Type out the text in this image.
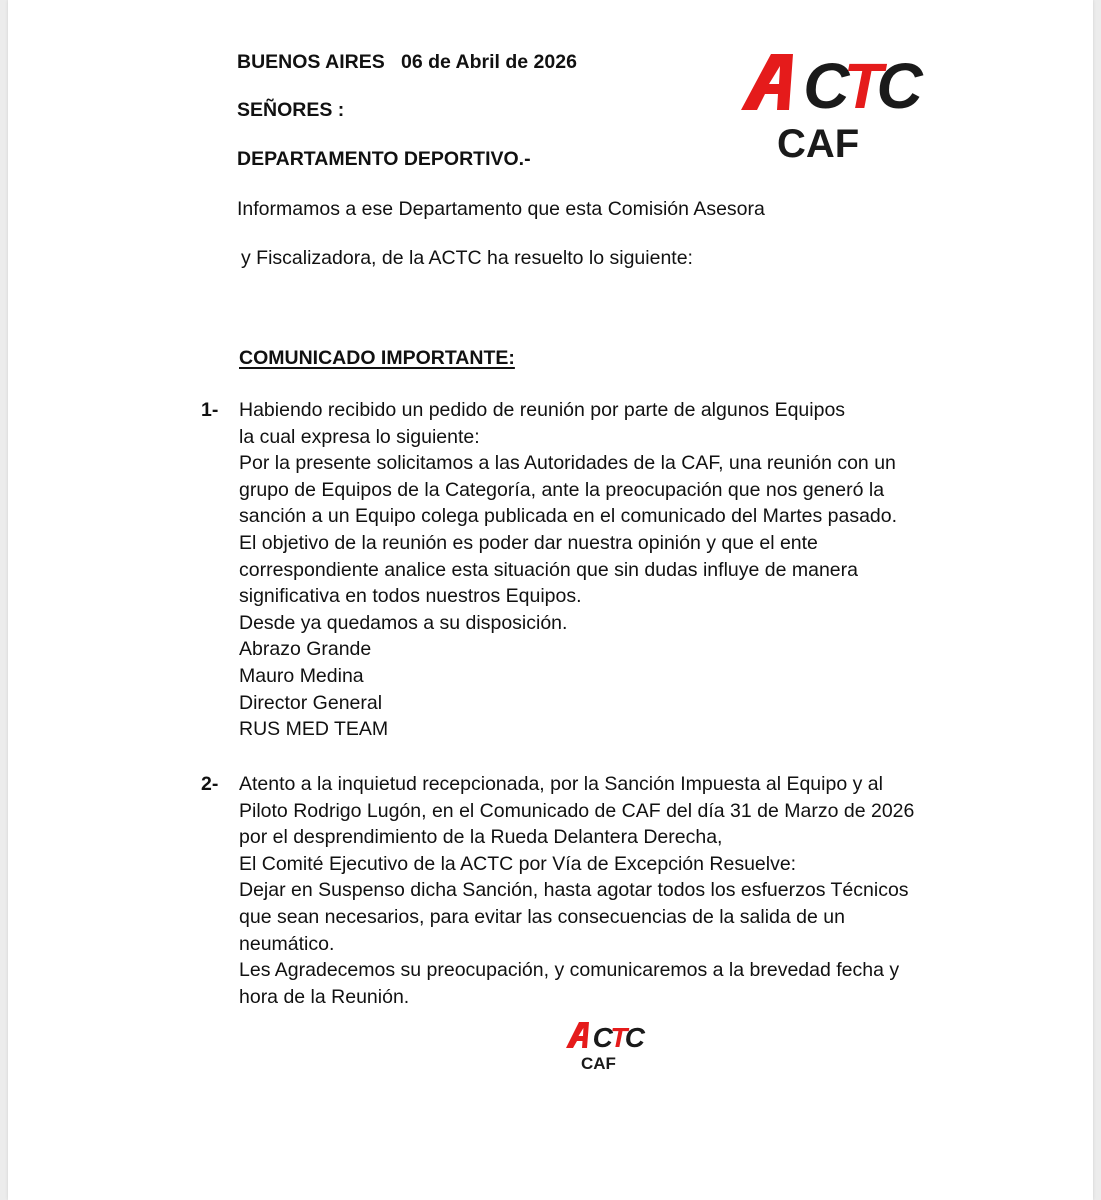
BUENOS AIRES   06 de Abril de 2026
SEÑORES :
DEPARTAMENTO DEPORTIVO.-
Informamos a ese Departamento que esta Comisión Asesora
y Fiscalizadora, de la ACTC ha resuelto lo siguiente:
COMUNICADO IMPORTANTE:
1- Habiendo recibido un pedido de reunión por parte de algunos Equipos
la cual expresa lo siguiente:
Por la presente solicitamos a las Autoridades de la CAF, una reunión con un
grupo de Equipos de la Categoría, ante la preocupación que nos generó la
sanción a un Equipo colega publicada en el comunicado del Martes pasado.
El objetivo de la reunión es poder dar nuestra opinión y que el ente
correspondiente analice esta situación que sin dudas influye de manera
significativa en todos nuestros Equipos.
Desde ya quedamos a su disposición.
Abrazo Grande
Mauro Medina
Director General
RUS MED TEAM
2- Atento a la inquietud recepcionada, por la Sanción Impuesta al Equipo y al
Piloto Rodrigo Lugón, en el Comunicado de CAF del día 31 de Marzo de 2026
por el desprendimiento de la Rueda Delantera Derecha,
El Comité Ejecutivo de la ACTC por Vía de Excepción Resuelve:
Dejar en Suspenso dicha Sanción, hasta agotar todos los esfuerzos Técnicos
que sean necesarios, para evitar las consecuencias de la salida de un
neumático.
Les Agradecemos su preocupación, y comunicaremos a la brevedad fecha y
hora de la Reunión.
ACTC
CAF
ACTC
CAF
